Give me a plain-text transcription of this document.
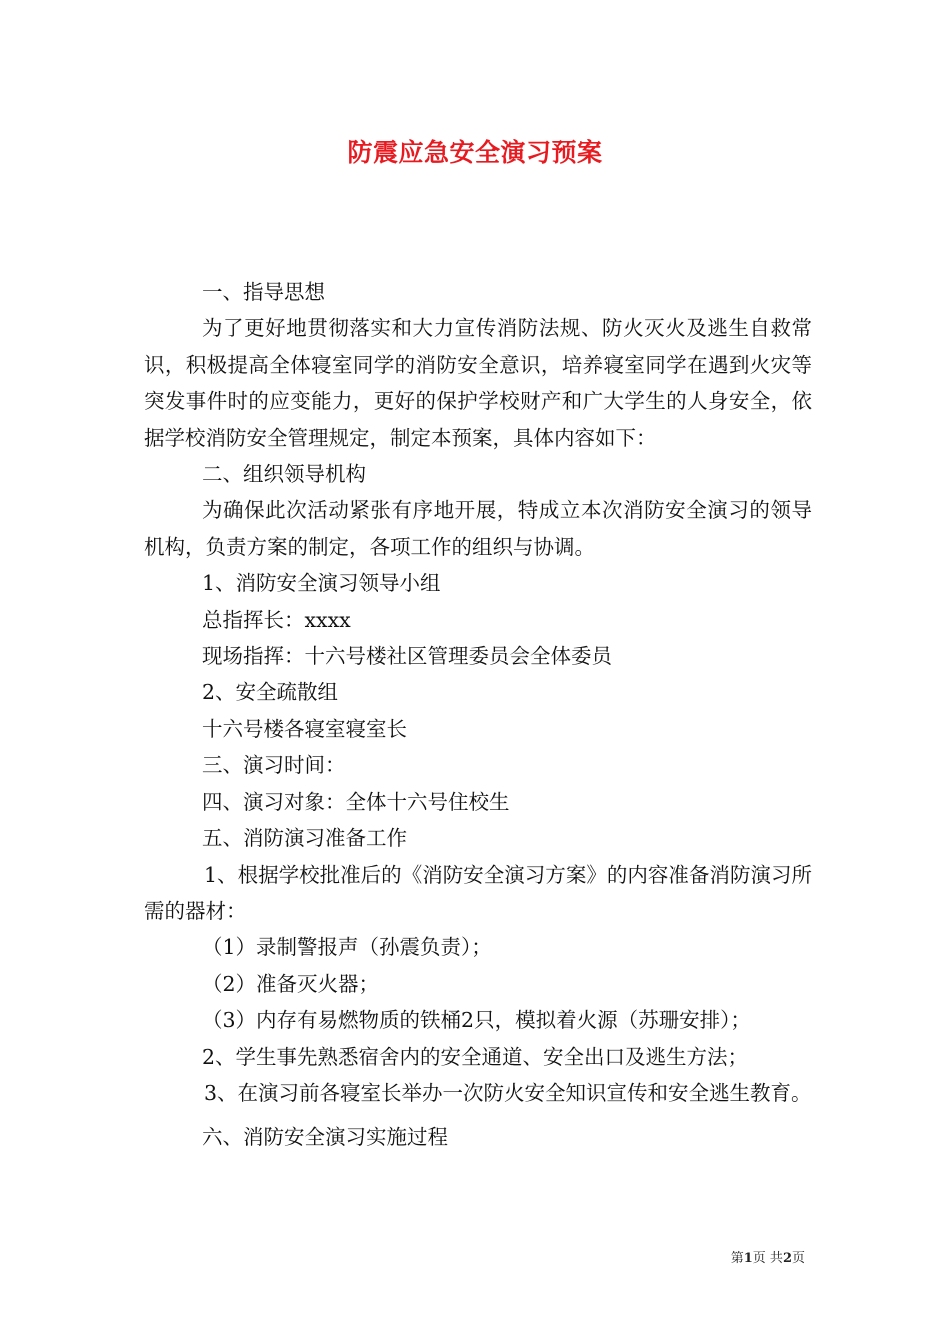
防震应急安全演习预案

一、指导思想

为了更好地贯彻落实和大力宣传消防法规、防火灭火及逃生自救常识，积极提高全体寝室同学的消防安全意识，培养寝室同学在遇到火灾等突发事件时的应变能力，更好的保护学校财产和广大学生的人身安全，依据学校消防安全管理规定，制定本预案，具体内容如下：

二、组织领导机构

为确保此次活动紧张有序地开展，特成立本次消防安全演习的领导机构，负责方案的制定，各项工作的组织与协调。

1、消防安全演习领导小组

总指挥长：xxxx

现场指挥：十六号楼社区管理委员会全体委员

2、安全疏散组

十六号楼各寝室寝室长

三、演习时间：

四、演习对象：全体十六号住校生

五、消防演习准备工作

1、根据学校批准后的《消防安全演习方案》的内容准备消防演习所需的器材：

（1）录制警报声（孙震负责）；

（2）准备灭火器；

（3）内存有易燃物质的铁桶2只，模拟着火源（苏珊安排）；

2、学生事先熟悉宿舍内的安全通道、安全出口及逃生方法；

3、在演习前各寝室长举办一次防火安全知识宣传和安全逃生教育。

六、消防安全演习实施过程

第1页 共2页
